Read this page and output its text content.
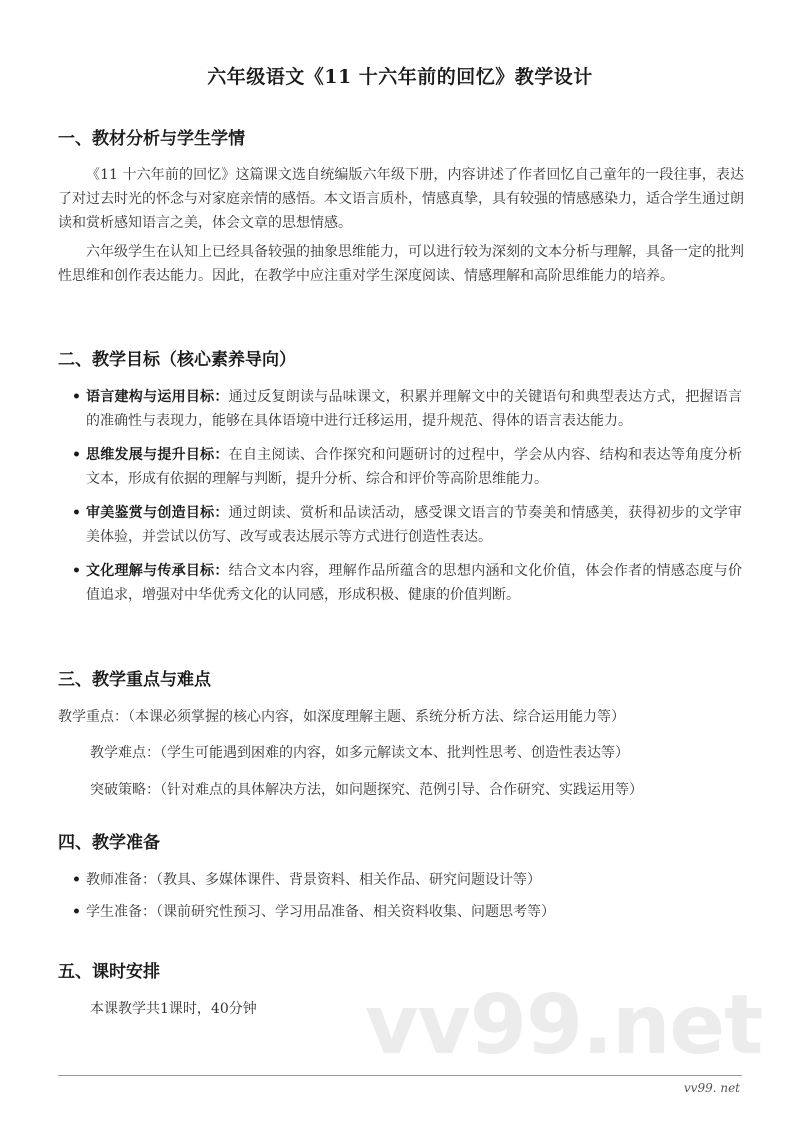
六年级语文《11 十六年前的回忆》教学设计
一、教材分析与学生学情
《11 十六年前的回忆》这篇课文选自统编版六年级下册，内容讲述了作者回忆自己童年的一段往事，表达了对过去时光的怀念与对家庭亲情的感悟。本文语言质朴，情感真挚，具有较强的情感感染力，适合学生通过朗读和赏析感知语言之美，体会文章的思想情感。
六年级学生在认知上已经具备较强的抽象思维能力，可以进行较为深刻的文本分析与理解，具备一定的批判性思维和创作表达能力。因此，在教学中应注重对学生深度阅读、情感理解和高阶思维能力的培养。
二、教学目标（核心素养导向）
• 语言建构与运用目标：通过反复朗读与品味课文，积累并理解文中的关键语句和典型表达方式，把握语言的准确性与表现力，能够在具体语境中进行迁移运用，提升规范、得体的语言表达能力。
• 思维发展与提升目标：在自主阅读、合作探究和问题研讨的过程中，学会从内容、结构和表达等角度分析文本，形成有依据的理解与判断，提升分析、综合和评价等高阶思维能力。
• 审美鉴赏与创造目标：通过朗读、赏析和品读活动，感受课文语言的节奏美和情感美，获得初步的文学审美体验，并尝试以仿写、改写或表达展示等方式进行创造性表达。
• 文化理解与传承目标：结合文本内容，理解作品所蕴含的思想内涵和文化价值，体会作者的情感态度与价值追求，增强对中华优秀文化的认同感，形成积极、健康的价值判断。
三、教学重点与难点
教学重点：（本课必须掌握的核心内容，如深度理解主题、系统分析方法、综合运用能力等）
教学难点：（学生可能遇到困难的内容，如多元解读文本、批判性思考、创造性表达等）
突破策略：（针对难点的具体解决方法，如问题探究、范例引导、合作研究、实践运用等）
四、教学准备
• 教师准备：（教具、多媒体课件、背景资料、相关作品、研究问题设计等）
• 学生准备：（课前研究性预习、学习用品准备、相关资料收集、问题思考等）
五、课时安排
本课教学共1课时，40分钟 vv99.net
vv99. net
